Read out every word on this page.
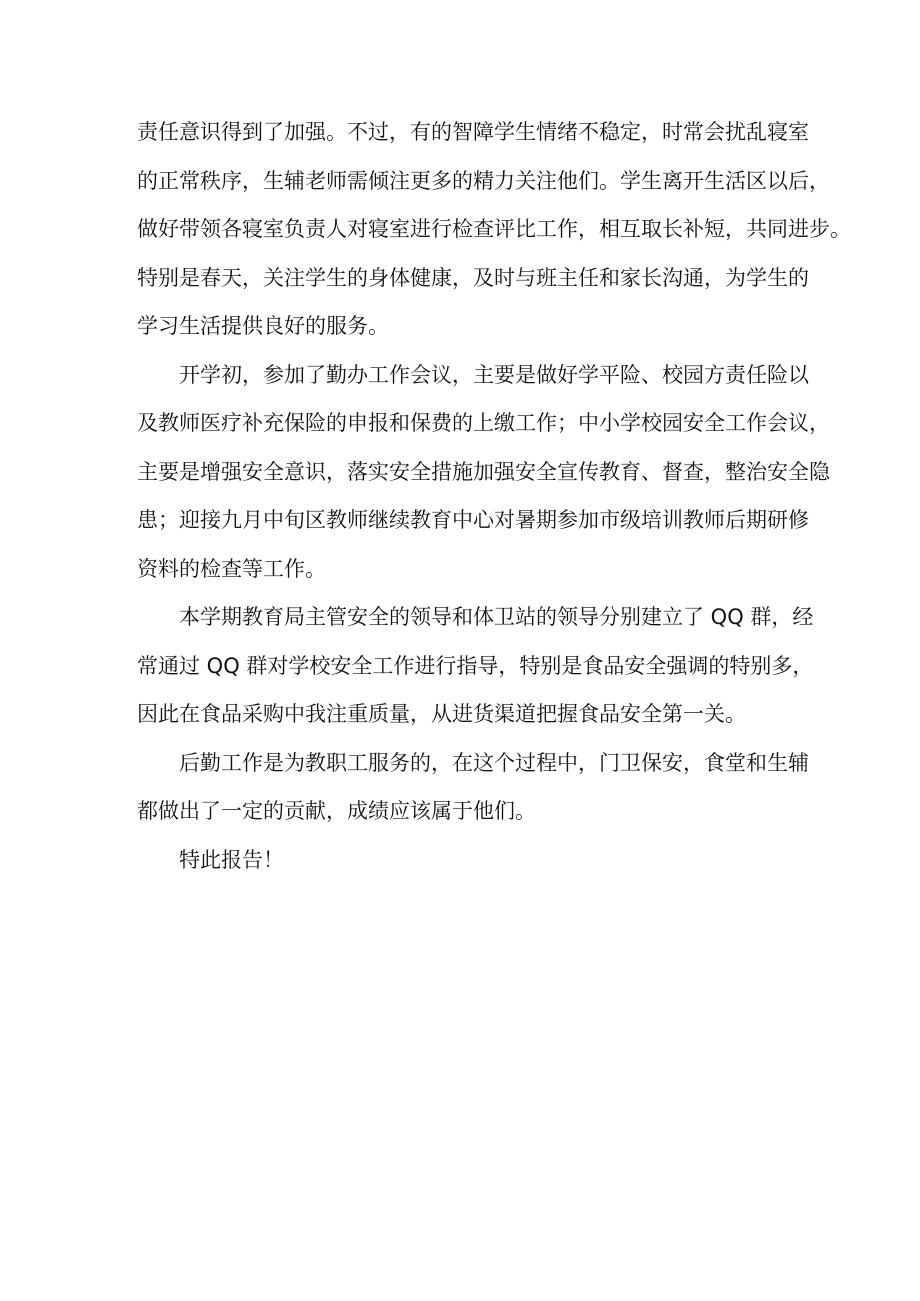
责任意识得到了加强。不过，有的智障学生情绪不稳定，时常会扰乱寝室
的正常秩序，生辅老师需倾注更多的精力关注他们。学生离开生活区以后，
做好带领各寝室负责人对寝室进行检查评比工作，相互取长补短，共同进步。
特别是春天，关注学生的身体健康，及时与班主任和家长沟通，为学生的
学习生活提供良好的服务。
开学初，参加了勤办工作会议，主要是做好学平险、校园方责任险以
及教师医疗补充保险的申报和保费的上缴工作；中小学校园安全工作会议，
主要是增强安全意识，落实安全措施加强安全宣传教育、督查，整治安全隐
患；迎接九月中旬区教师继续教育中心对暑期参加市级培训教师后期研修
资料的检查等工作。
本学期教育局主管安全的领导和体卫站的领导分别建立了 QQ 群，经
常通过 QQ 群对学校安全工作进行指导，特别是食品安全强调的特别多，
因此在食品采购中我注重质量，从进货渠道把握食品安全第一关。
后勤工作是为教职工服务的，在这个过程中，门卫保安，食堂和生辅
都做出了一定的贡献，成绩应该属于他们。
特此报告！
